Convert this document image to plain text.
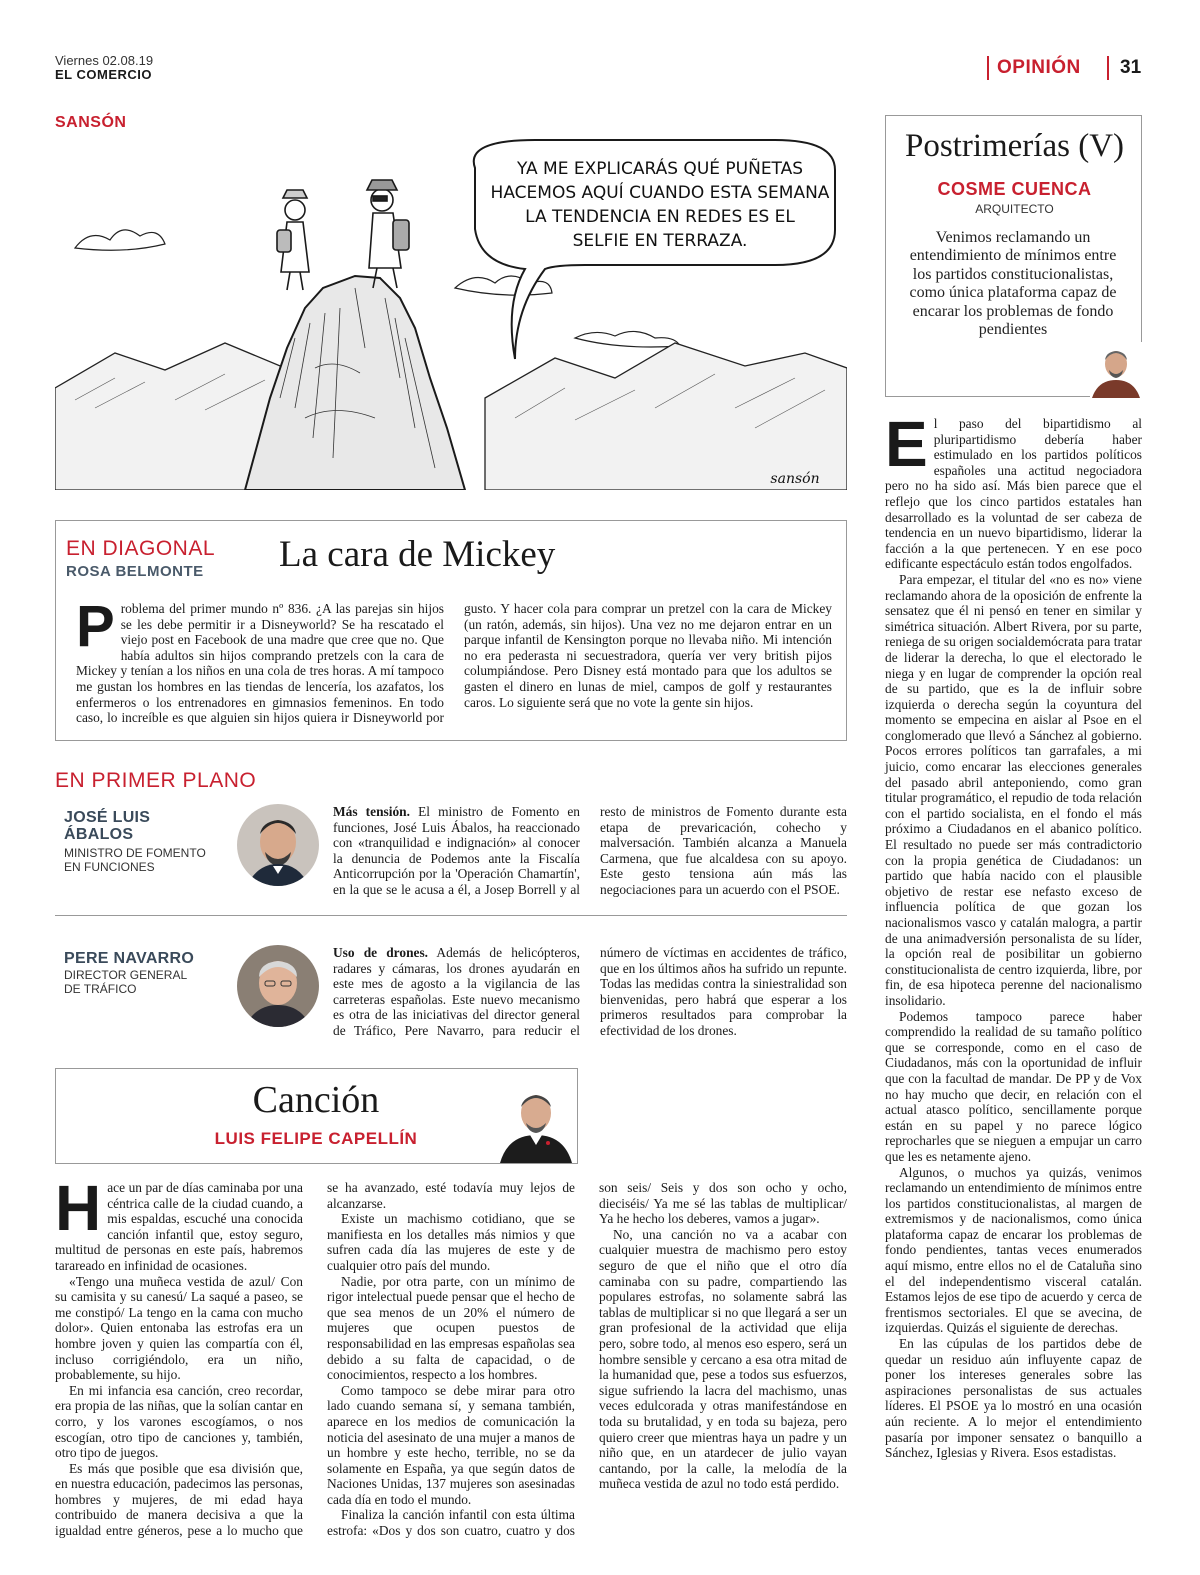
Viernes 02.08.19
EL COMERCIO	OPINIÓN 31
SANSÓN
YA ME EXPLICARÁS QUÉ PUÑETAS
HACEMOS AQUÍ CUANDO ESTA SEMANA
LA TENDENCIA EN REDES ES EL
SELFIE EN TERRAZA.
sansón
EN DIAGONAL
ROSA BELMONTE La cara de Mickey

Problema del primer mundo nº 836. ¿A las parejas sin hijos se les debe permitir ir a Disneyworld? Se ha rescatado el viejo post en Facebook de una madre que cree que no. Que había adultos sin hijos comprando pretzels con la cara de Mickey y tenían a los niños en una cola de tres horas. A mí tampoco me gustan los hombres en las tiendas de lencería, los azafatos, los enfermeros o los entrenadores en gimnasios femeninos. En todo caso, lo increíble es que alguien sin hijos quiera ir Disneyworld por gusto. Y hacer cola para comprar un pretzel con la cara de Mickey (un ratón, además, sin hijos). Una vez no me dejaron entrar en un parque infantil de Kensington porque no llevaba niño. Mi intención no era pederasta ni secuestradora, quería ver very british pijos columpiándose. Pero Disney está montado para que los adultos se gasten el dinero en lunas de miel, campos de golf y restaurantes caros. Lo siguiente será que no vote la gente sin hijos.

EN PRIMER PLANO
JOSÉ LUIS
ÁBALOS
MINISTRO DE FOMENTO
EN FUNCIONES

Más tensión. El ministro de Fomento en funciones, José Luis Ábalos, ha reaccionado con «tranquilidad e indignación» al conocer la denuncia de Podemos ante la Fiscalía Anticorrupción por la 'Operación Chamartín', en la que se le acusa a él, a Josep Borrell y al resto de ministros de Fomento durante esta etapa de prevaricación, cohecho y malversación. También alcanza a Manuela Carmena, que fue alcaldesa con su apoyo. Este gesto tensiona aún más las negociaciones para un acuerdo con el PSOE.

PERE NAVARRO
DIRECTOR GENERAL
DE TRÁFICO

Uso de drones. Además de helicópteros, radares y cámaras, los drones ayudarán en este mes de agosto a la vigilancia de las carreteras españolas. Este nuevo mecanismo es otra de las iniciativas del director general de Tráfico, Pere Navarro, para reducir el número de víctimas en accidentes de tráfico, que en los últimos años ha sufrido un repunte. Todas las medidas contra la siniestralidad son bienvenidas, pero habrá que esperar a los primeros resultados para comprobar la efectividad de los drones.

Canción
LUIS FELIPE CAPELLÍN

Hace un par de días caminaba por una céntrica calle de la ciudad cuando, a mis espaldas, escuché una conocida canción infantil que, estoy seguro, multitud de personas en este país, habremos tarareado en infinidad de ocasiones.

«Tengo una muñeca vestida de azul/ Con su camisita y su canesú/ La saqué a paseo, se me constipó/ La tengo en la cama con mucho dolor». Quien entonaba las estrofas era un hombre joven y quien las compartía con él, incluso corrigiéndolo, era un niño, probablemente, su hijo.

En mi infancia esa canción, creo recordar, era propia de las niñas, que la solían cantar en corro, y los varones escogíamos, o nos escogían, otro tipo de canciones y, también, otro tipo de juegos.

Es más que posible que esa división que, en nuestra educación, padecimos las personas, hombres y mujeres, de mi edad haya contribuido de manera decisiva a que la igualdad entre géneros, pese a lo mucho que se ha avanzado, esté todavía muy lejos de alcanzarse.

Existe un machismo cotidiano, que se manifiesta en los detalles más nimios y que sufren cada día las mujeres de este y de cualquier otro país del mundo.

Nadie, por otra parte, con un mínimo de rigor intelectual puede pensar que el hecho de que sea menos de un 20% el número de mujeres que ocupen puestos de responsabilidad en las empresas españolas sea debido a su falta de capacidad, o de conocimientos, respecto a los hombres.

Como tampoco se debe mirar para otro lado cuando semana sí, y semana también, aparece en los medios de comunicación la noticia del asesinato de una mujer a manos de un hombre y este hecho, terrible, no se da solamente en España, ya que según datos de Naciones Unidas, 137 mujeres son asesinadas cada día en todo el mundo.

Finaliza la canción infantil con esta última estrofa: «Dos y dos son cuatro, cuatro y dos son seis/ Seis y dos son ocho y ocho, dieciséis/ Ya me sé las tablas de multiplicar/ Ya he hecho los deberes, vamos a jugar».

No, una canción no va a acabar con cualquier muestra de machismo pero estoy seguro de que el niño que el otro día caminaba con su padre, compartiendo las populares estrofas, no solamente sabrá las tablas de multiplicar si no que llegará a ser un gran profesional de la actividad que elija pero, sobre todo, al menos eso espero, será un hombre sensible y cercano a esa otra mitad de la humanidad que, pese a todos sus esfuerzos, sigue sufriendo la lacra del machismo, unas veces edulcorada y otras manifestándose en toda su brutalidad, y en toda su bajeza, pero quiero creer que mientras haya un padre y un niño que, en un atardecer de julio vayan cantando, por la calle, la melodía de la muñeca vestida de azul no todo está perdido.

Postrimerías (V)
COSME CUENCA
ARQUITECTO
Venimos reclamando un entendimiento de mínimos entre los partidos constitucionalistas, como única plataforma capaz de encarar los problemas de fondo pendientes

El paso del bipartidismo al pluripartidismo debería haber estimulado en los partidos políticos españoles una actitud negociadora pero no ha sido así. Más bien parece que el reflejo que los cinco partidos estatales han desarrollado es la voluntad de ser cabeza de tendencia en un nuevo bipartidismo, liderar la facción a la que pertenecen. Y en ese poco edificante espectáculo están todos engolfados.

Para empezar, el titular del «no es no» viene reclamando ahora de la oposición de enfrente la sensatez que él ni pensó en tener en similar y simétrica situación. Albert Rivera, por su parte, reniega de su origen socialdemócrata para tratar de liderar la derecha, lo que el electorado le niega y en lugar de comprender la opción real de su partido, que es la de influir sobre izquierda o derecha según la coyuntura del momento se empecina en aislar al Psoe en el conglomerado que llevó a Sánchez al gobierno. Pocos errores políticos tan garrafales, a mi juicio, como encarar las elecciones generales del pasado abril anteponiendo, como gran titular programático, el repudio de toda relación con el partido socialista, en el fondo el más próximo a Ciudadanos en el abanico político. El resultado no puede ser más contradictorio con la propia genética de Ciudadanos: un partido que había nacido con el plausible objetivo de restar ese nefasto exceso de influencia política de que gozan los nacionalismos vasco y catalán malogra, a partir de una animadversión personalista de su líder, la opción real de posibilitar un gobierno constitucionalista de centro izquierda, libre, por fin, de esa hipoteca perenne del nacionalismo insolidario.

Podemos tampoco parece haber comprendido la realidad de su tamaño político que se corresponde, como en el caso de Ciudadanos, más con la oportunidad de influir que con la facultad de mandar. De PP y de Vox no hay mucho que decir, en relación con el actual atasco político, sencillamente porque están en su papel y no parece lógico reprocharles que se nieguen a empujar un carro que les es netamente ajeno.

Algunos, o muchos ya quizás, venimos reclamando un entendimiento de mínimos entre los partidos constitucionalistas, al margen de extremismos y de nacionalismos, como única plataforma capaz de encarar los problemas de fondo pendientes, tantas veces enumerados aquí mismo, entre ellos no el de Cataluña sino el del independentismo visceral catalán. Estamos lejos de ese tipo de acuerdo y cerca de frentismos sectoriales. El que se avecina, de izquierdas. Quizás el siguiente de derechas.

En las cúpulas de los partidos debe de quedar un residuo aún influyente capaz de poner los intereses generales sobre las aspiraciones personalistas de sus actuales líderes. El PSOE ya lo mostró en una ocasión aún reciente. A lo mejor el entendimiento pasaría por imponer sensatez o banquillo a Sánchez, Iglesias y Rivera. Esos estadistas.
